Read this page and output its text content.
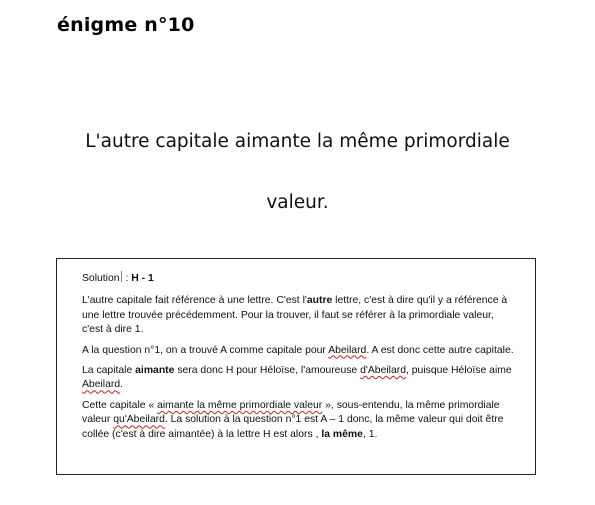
énigme n°10
L'autre capitale aimante la même primordiale
valeur.

Solution : H - 1

L'autre capitale fait référence à une lettre. C'est l'autre lettre, c'est à dire qu'il y a référence à une lettre trouvée précédemment. Pour la trouver, il faut se référer à la primordiale valeur, c'est à dire 1.

A la question n°1, on a trouvé A comme capitale pour Abeilard. A est donc cette autre capitale.

La capitale aimante sera donc H pour Héloïse, l'amoureuse d'Abeilard, puisque Héloïse aime Abeilard.

Cette capitale « aimante la même primordiale valeur », sous-entendu, la même primordiale valeur qu'Abeilard. La solution à la question n°1 est A – 1 donc, la même valeur qui doit être collée (c'est à dire aimantée) à la lettre H est alors , la même, 1.
